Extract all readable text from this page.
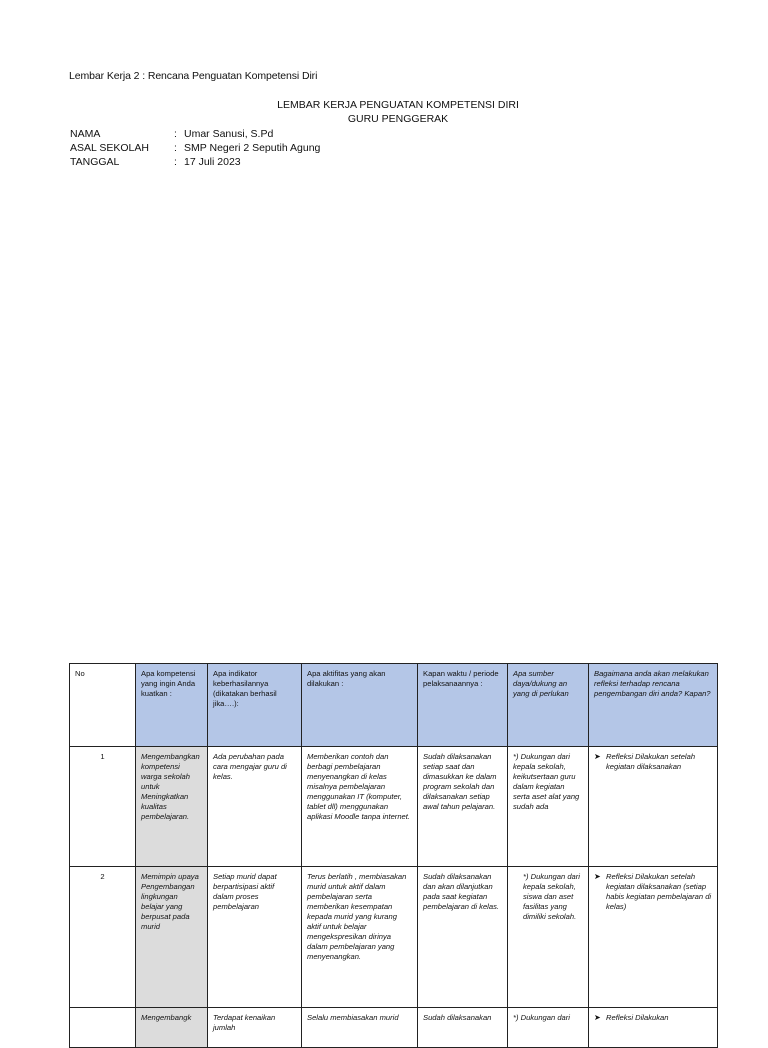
Lembar Kerja 2 : Rencana Penguatan Kompetensi Diri
LEMBAR KERJA PENGUATAN KOMPETENSI DIRI
GURU PENGGERAK
NAMA	: Umar Sanusi, S.Pd
ASAL SEKOLAH : SMP Negeri 2 Seputih Agung
TANGGAL	: 17 Juli 2023
No	Apa kompetensi yang ingin Anda kuatkan :	Apa indikator keberhasilannya (dikatakan berhasil jika….):	Apa aktifitas yang akan dilakukan :	Kapan waktu / periode pelaksanaannya :	Apa sumber daya/dukung an yang di perlukan	Bagaimana anda akan melakukan refleksi terhadap rencana pengembangan diri anda? Kapan?
1	Mengembangkan kompetensi warga sekolah untuk Meningkatkan kualitas pembelajaran.	Ada perubahan pada cara mengajar guru di kelas.	Memberikan contoh dan berbagi pembelajaran menyenangkan di kelas misalnya pembelajaran menggunakan IT (komputer, tablet dll) menggunakan aplikasi Moodle tanpa internet.	Sudah dilaksanakan setiap saat dan dimasukkan ke dalam program sekolah dan dilaksanakan setiap awal tahun pelajaran.	*) Dukungan dari kepala sekolah, keikutsertaan guru dalam kegiatan serta aset alat yang sudah ada	➤ Refleksi Dilakukan setelah kegiatan dilaksanakan

2	Memimpin upaya Pengembangan lingkungan belajar yang berpusat pada murid	Setiap murid dapat berpartisipasi aktif dalam proses pembelajaran	Terus berlatih , membiasakan murid untuk aktif dalam pembelajaran serta memberikan kesempatan kepada murid yang kurang aktif untuk belajar mengekspresikan dirinya dalam pembelajaran yang menyenangkan.	Sudah dilaksanakan dan akan dilanjutkan pada saat kegiatan pembelajaran di kelas.	*) Dukungan dari kepala sekolah, siswa dan aset fasilitas yang dimiliki sekolah.	➤ Refleksi Dilakukan setelah kegiatan dilaksanakan (setiap habis kegiatan pembelajaran di kelas)

	Mengembangk	Terdapat kenaikan jumlah	Selalu membiasakan murid	Sudah dilaksanakan	*) Dukungan dari	➤ Refleksi Dilakukan
